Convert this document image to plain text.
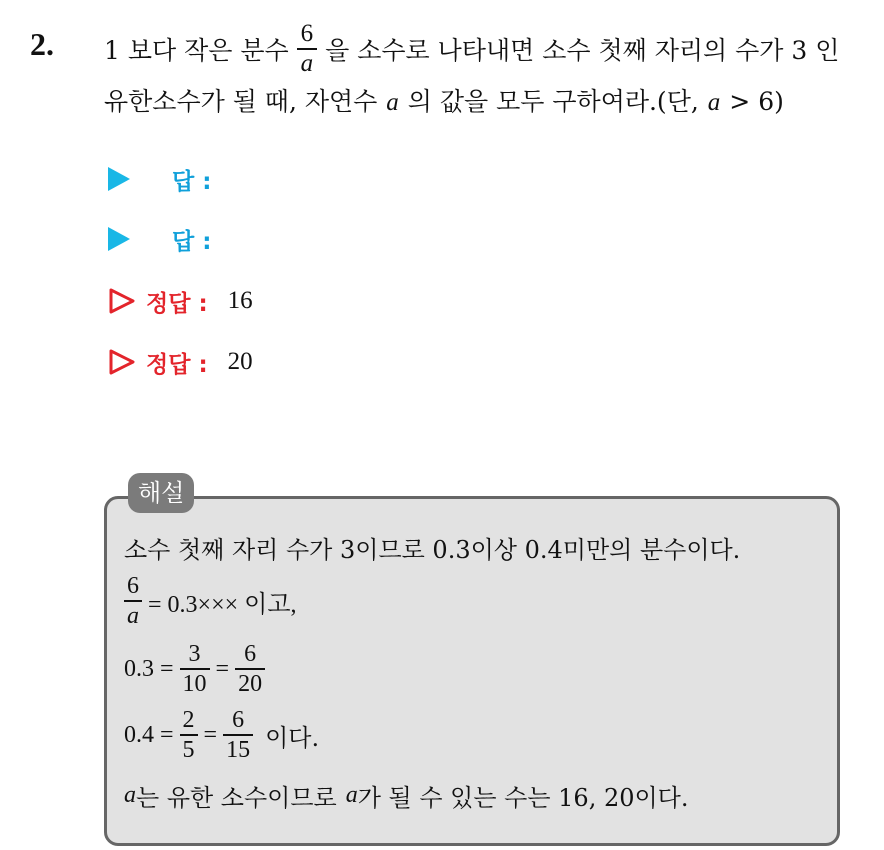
2. 1 보다 작은 분수 $\frac{6}{a}$ 을 소수로 나타내면 소수 첫째 자리의 수가 3 인
유한소수가 될 때, 자연수 a 의 값을 모두 구하여라.(단, a > 6)
답 :
답 :
정답 : 16
정답 : 20
해설
소수 첫째 자리 수가 3이므로 0.3이상 0.4미만의 분수이다.
$\frac{6}{a} = 0.3\times\times\times$ 이고,
$0.3 = \frac{3}{10} = \frac{6}{20}$
$0.4 = \frac{2}{5} = \frac{6}{15}$ 이다.
a 는 유한 소수이므로 a 가 될 수 있는 수는 16, 20이다.
